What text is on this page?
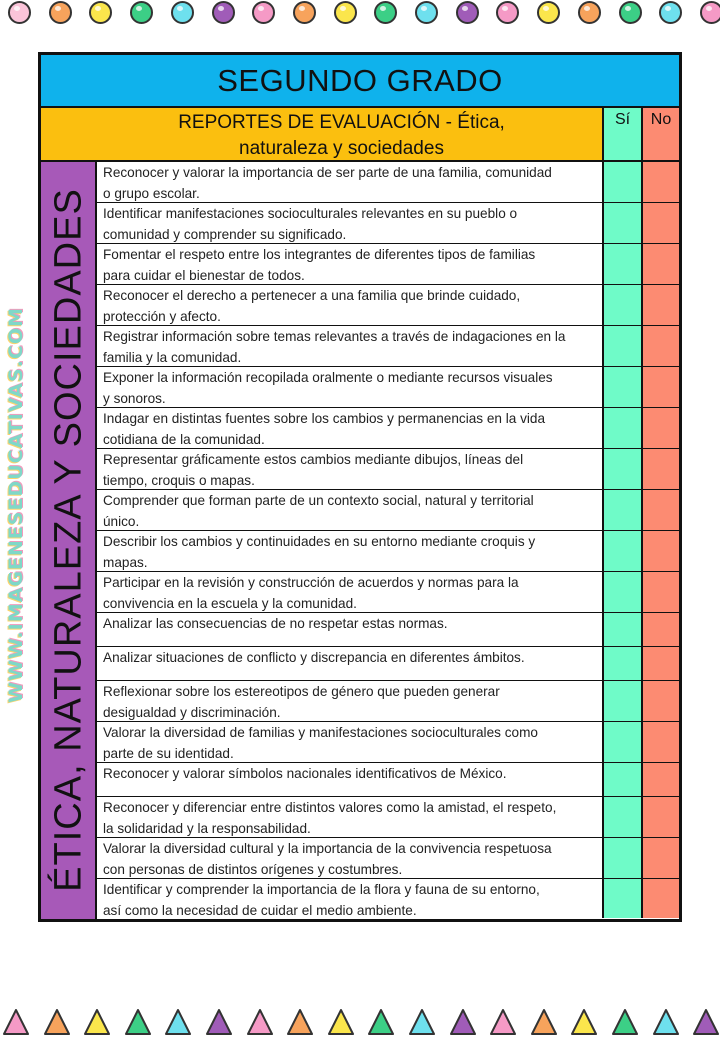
WWW.IMAGENESEDUCATIVAS.COM
SEGUNDO GRADO
REPORTES DE EVALUACIÓN - Ética,
naturaleza y sociedades
Sí	No
ÉTICA, NATURALEZA Y SOCIEDADES
Reconocer y valorar la importancia de ser parte de una familia, comunidad
o grupo escolar.
Identificar manifestaciones socioculturales relevantes en su pueblo o
comunidad y comprender su significado.
Fomentar el respeto entre los integrantes de diferentes tipos de familias
para cuidar el bienestar de todos.
Reconocer el derecho a pertenecer a una familia que brinde cuidado,
protección y afecto.
Registrar información sobre temas relevantes a través de indagaciones en la
familia y la comunidad.
Exponer la información recopilada oralmente o mediante recursos visuales
y sonoros.
Indagar en distintas fuentes sobre los cambios y permanencias en la vida
cotidiana de la comunidad.
Representar gráficamente estos cambios mediante dibujos, líneas del
tiempo, croquis o mapas.
Comprender que forman parte de un contexto social, natural y territorial
único.
Describir los cambios y continuidades en su entorno mediante croquis y
mapas.
Participar en la revisión y construcción de acuerdos y normas para la
convivencia en la escuela y la comunidad.
Analizar las consecuencias de no respetar estas normas.
Analizar situaciones de conflicto y discrepancia en diferentes ámbitos.
Reflexionar sobre los estereotipos de género que pueden generar
desigualdad y discriminación.
Valorar la diversidad de familias y manifestaciones socioculturales como
parte de su identidad.
Reconocer y valorar símbolos nacionales identificativos de México.
Reconocer y diferenciar entre distintos valores como la amistad, el respeto,
la solidaridad y la responsabilidad.
Valorar la diversidad cultural y la importancia de la convivencia respetuosa
con personas de distintos orígenes y costumbres.
Identificar y comprender la importancia de la flora y fauna de su entorno,
así como la necesidad de cuidar el medio ambiente.
